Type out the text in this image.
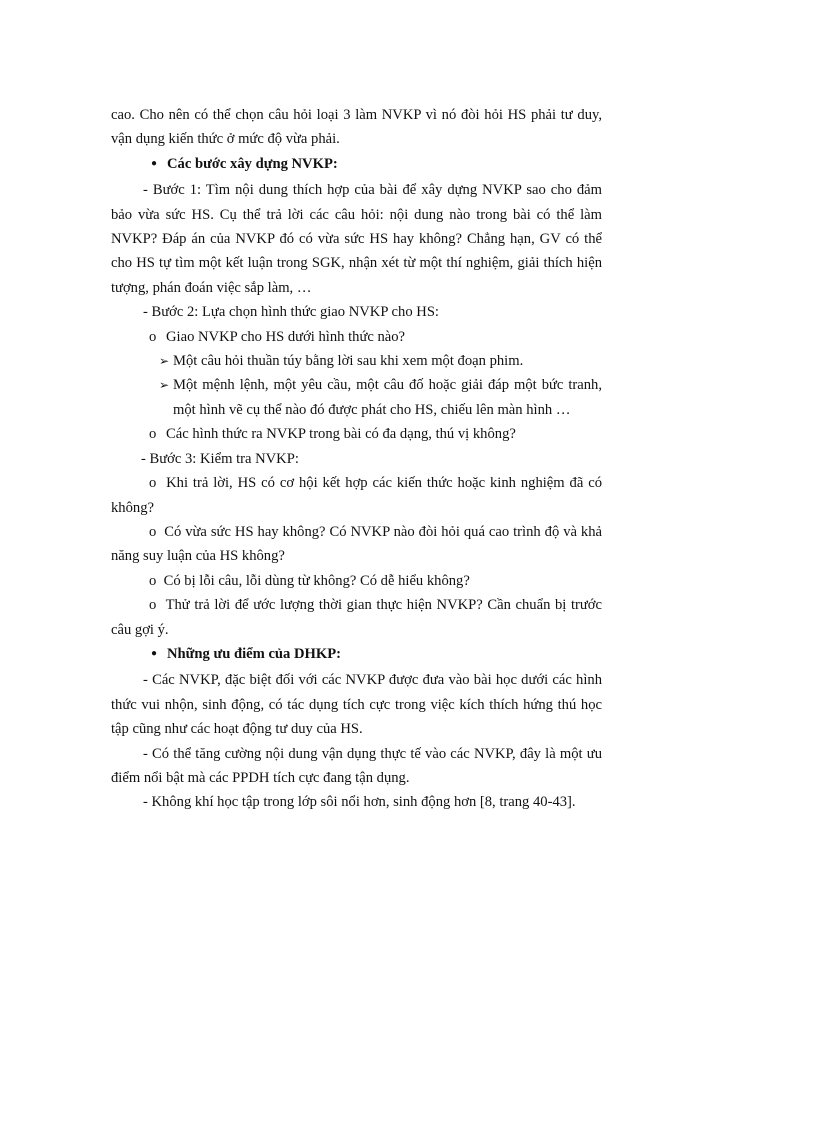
cao. Cho nên có thể chọn câu hỏi loại 3 làm NVKP vì nó đòi hỏi HS phải tư duy, vận dụng kiến thức ở mức độ vừa phải.

● Các bước xây dựng NVKP:

- Bước 1: Tìm nội dung thích hợp của bài để xây dựng NVKP sao cho đảm bảo vừa sức HS. Cụ thể trả lời các câu hỏi: nội dung nào trong bài có thể làm NVKP? Đáp án của NVKP đó có vừa sức HS hay không? Chẳng hạn, GV có thể cho HS tự tìm một kết luận trong SGK, nhận xét từ một thí nghiệm, giải thích hiện tượng, phán đoán việc sắp làm, …

- Bước 2: Lựa chọn hình thức giao NVKP cho HS:

o Giao NVKP cho HS dưới hình thức nào?
➢ Một câu hỏi thuần túy bằng lời sau khi xem một đoạn phim.
➢ Một mệnh lệnh, một yêu cầu, một câu đố hoặc giải đáp một bức tranh,

một hình vẽ cụ thể nào đó được phát cho HS, chiếu lên màn hình …

o Các hình thức ra NVKP trong bài có đa dạng, thú vị không?

- Bước 3: Kiểm tra NVKP:

o Khi trả lời, HS có cơ hội kết hợp các kiến thức hoặc kinh nghiệm đã có không?

o Có vừa sức HS hay không? Có NVKP nào đòi hỏi quá cao trình độ và khả năng suy luận của HS không?

o Có bị lỗi câu, lỗi dùng từ không? Có dễ hiểu không?

o Thử trả lời để ước lượng thời gian thực hiện NVKP? Cần chuẩn bị trước câu gợi ý.

● Những ưu điểm của DHKP:

- Các NVKP, đặc biệt đối với các NVKP được đưa vào bài học dưới các hình thức vui nhộn, sinh động, có tác dụng tích cực trong việc kích thích hứng thú học tập cũng như các hoạt động tư duy của HS.

- Có thể tăng cường nội dung vận dụng thực tế vào các NVKP, đây là một ưu điểm nổi bật mà các PPDH tích cực đang tận dụng.

- Không khí học tập trong lớp sôi nổi hơn, sinh động hơn [8, trang 40-43].
